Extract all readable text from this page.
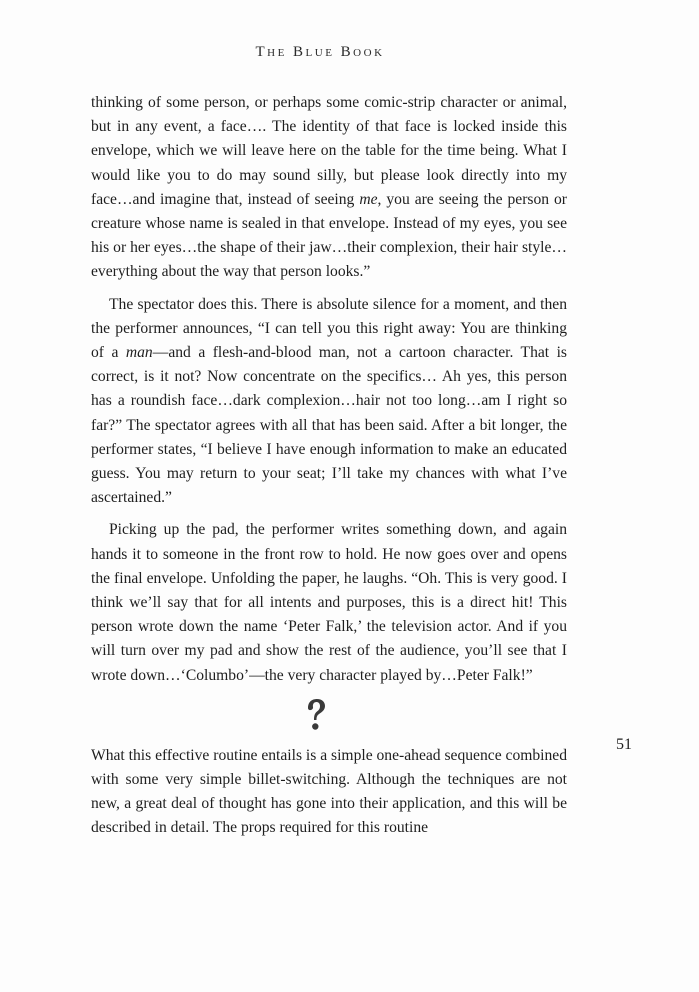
The Blue Book

thinking of some person, or perhaps some comic-strip character or animal, but in any event, a face…. The identity of that face is locked inside this envelope, which we will leave here on the table for the time being. What I would like you to do may sound silly, but please look directly into my face…and imagine that, instead of seeing me, you are seeing the person or creature whose name is sealed in that envelope. Instead of my eyes, you see his or her eyes…the shape of their jaw…their complexion, their hair style…everything about the way that person looks.”

The spectator does this. There is absolute silence for a moment, and then the performer announces, “I can tell you this right away: You are thinking of a man—and a flesh-and-blood man, not a cartoon character. That is correct, is it not? Now concentrate on the specifics… Ah yes, this person has a roundish face…dark complexion…hair not too long…am I right so far?” The spectator agrees with all that has been said. After a bit longer, the performer states, “I believe I have enough information to make an educated guess. You may return to your seat; I’ll take my chances with what I’ve ascertained.”

Picking up the pad, the performer writes something down, and again hands it to someone in the front row to hold. He now goes over and opens the final envelope. Unfolding the paper, he laughs. “Oh. This is very good. I think we’ll say that for all intents and purposes, this is a direct hit! This person wrote down the name ‘Peter Falk,’ the television actor. And if you will turn over my pad and show the rest of the audience, you’ll see that I wrote down…‘Columbo’—the very character played by…Peter Falk!”

What this effective routine entails is a simple one-ahead sequence combined with some very simple billet-switching. Although the techniques are not new, a great deal of thought has gone into their application, and this will be described in detail. The props required for this routine

51
